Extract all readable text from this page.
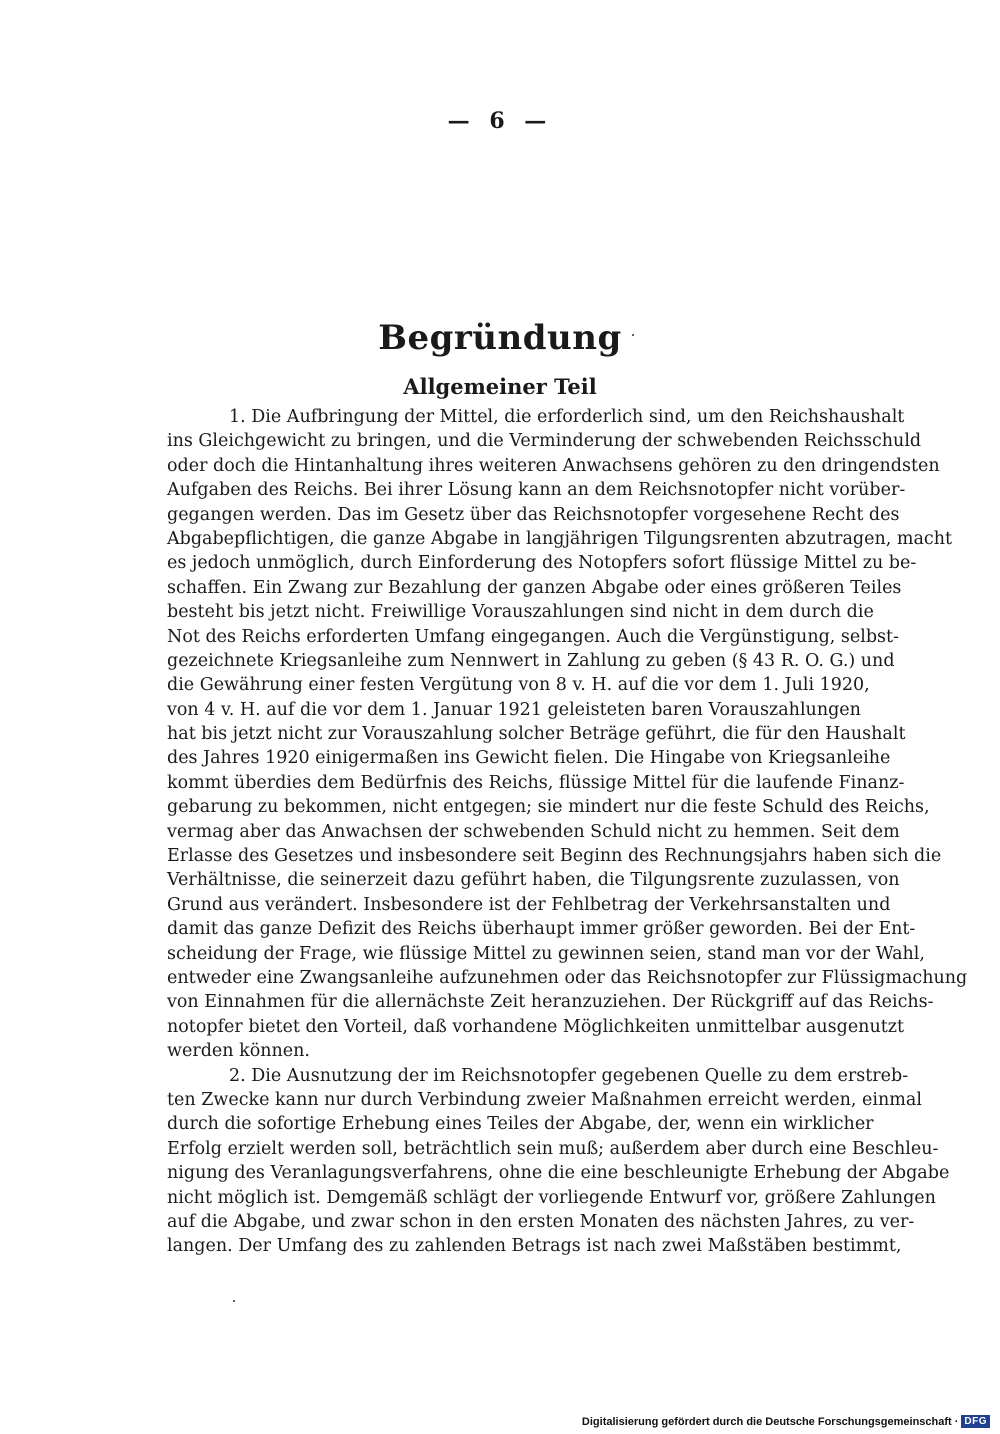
— 6 —
Begründung
Allgemeiner Teil
1. Die Aufbringung der Mittel, die erforderlich sind, um den Reichshaushalt
ins Gleichgewicht zu bringen, und die Verminderung der schwebenden Reichsschuld
oder doch die Hintanhaltung ihres weiteren Anwachsens gehören zu den dringendsten
Aufgaben des Reichs. Bei ihrer Lösung kann an dem Reichsnotopfer nicht vorüber-
gegangen werden. Das im Gesetz über das Reichsnotopfer vorgesehene Recht des
Abgabepflichtigen, die ganze Abgabe in langjährigen Tilgungsrenten abzutragen, macht
es jedoch unmöglich, durch Einforderung des Notopfers sofort flüssige Mittel zu be-
schaffen. Ein Zwang zur Bezahlung der ganzen Abgabe oder eines größeren Teiles
besteht bis jetzt nicht. Freiwillige Vorauszahlungen sind nicht in dem durch die
Not des Reichs erforderten Umfang eingegangen. Auch die Vergünstigung, selbst-
gezeichnete Kriegsanleihe zum Nennwert in Zahlung zu geben (§ 43 R. O. G.) und
die Gewährung einer festen Vergütung von 8 v. H. auf die vor dem 1. Juli 1920,
von 4 v. H. auf die vor dem 1. Januar 1921 geleisteten baren Vorauszahlungen
hat bis jetzt nicht zur Vorauszahlung solcher Beträge geführt, die für den Haushalt
des Jahres 1920 einigermaßen ins Gewicht fielen. Die Hingabe von Kriegsanleihe
kommt überdies dem Bedürfnis des Reichs, flüssige Mittel für die laufende Finanz-
gebarung zu bekommen, nicht entgegen; sie mindert nur die feste Schuld des Reichs,
vermag aber das Anwachsen der schwebenden Schuld nicht zu hemmen. Seit dem
Erlasse des Gesetzes und insbesondere seit Beginn des Rechnungsjahrs haben sich die
Verhältnisse, die seinerzeit dazu geführt haben, die Tilgungsrente zuzulassen, von
Grund aus verändert. Insbesondere ist der Fehlbetrag der Verkehrsanstalten und
damit das ganze Defizit des Reichs überhaupt immer größer geworden. Bei der Ent-
scheidung der Frage, wie flüssige Mittel zu gewinnen seien, stand man vor der Wahl,
entweder eine Zwangsanleihe aufzunehmen oder das Reichsnotopfer zur Flüssigmachung
von Einnahmen für die allernächste Zeit heranzuziehen. Der Rückgriff auf das Reichs-
notopfer bietet den Vorteil, daß vorhandene Möglichkeiten unmittelbar ausgenutzt
werden können.
2. Die Ausnutzung der im Reichsnotopfer gegebenen Quelle zu dem erstreb-
ten Zwecke kann nur durch Verbindung zweier Maßnahmen erreicht werden, einmal
durch die sofortige Erhebung eines Teiles der Abgabe, der, wenn ein wirklicher
Erfolg erzielt werden soll, beträchtlich sein muß; außerdem aber durch eine Beschleu-
nigung des Veranlagungsverfahrens, ohne die eine beschleunigte Erhebung der Abgabe
nicht möglich ist. Demgemäß schlägt der vorliegende Entwurf vor, größere Zahlungen
auf die Abgabe, und zwar schon in den ersten Monaten des nächsten Jahres, zu ver-
langen. Der Umfang des zu zahlenden Betrags ist nach zwei Maßstäben bestimmt,
Digitalisierung gefördert durch die Deutsche Forschungsgemeinschaft · DFG
